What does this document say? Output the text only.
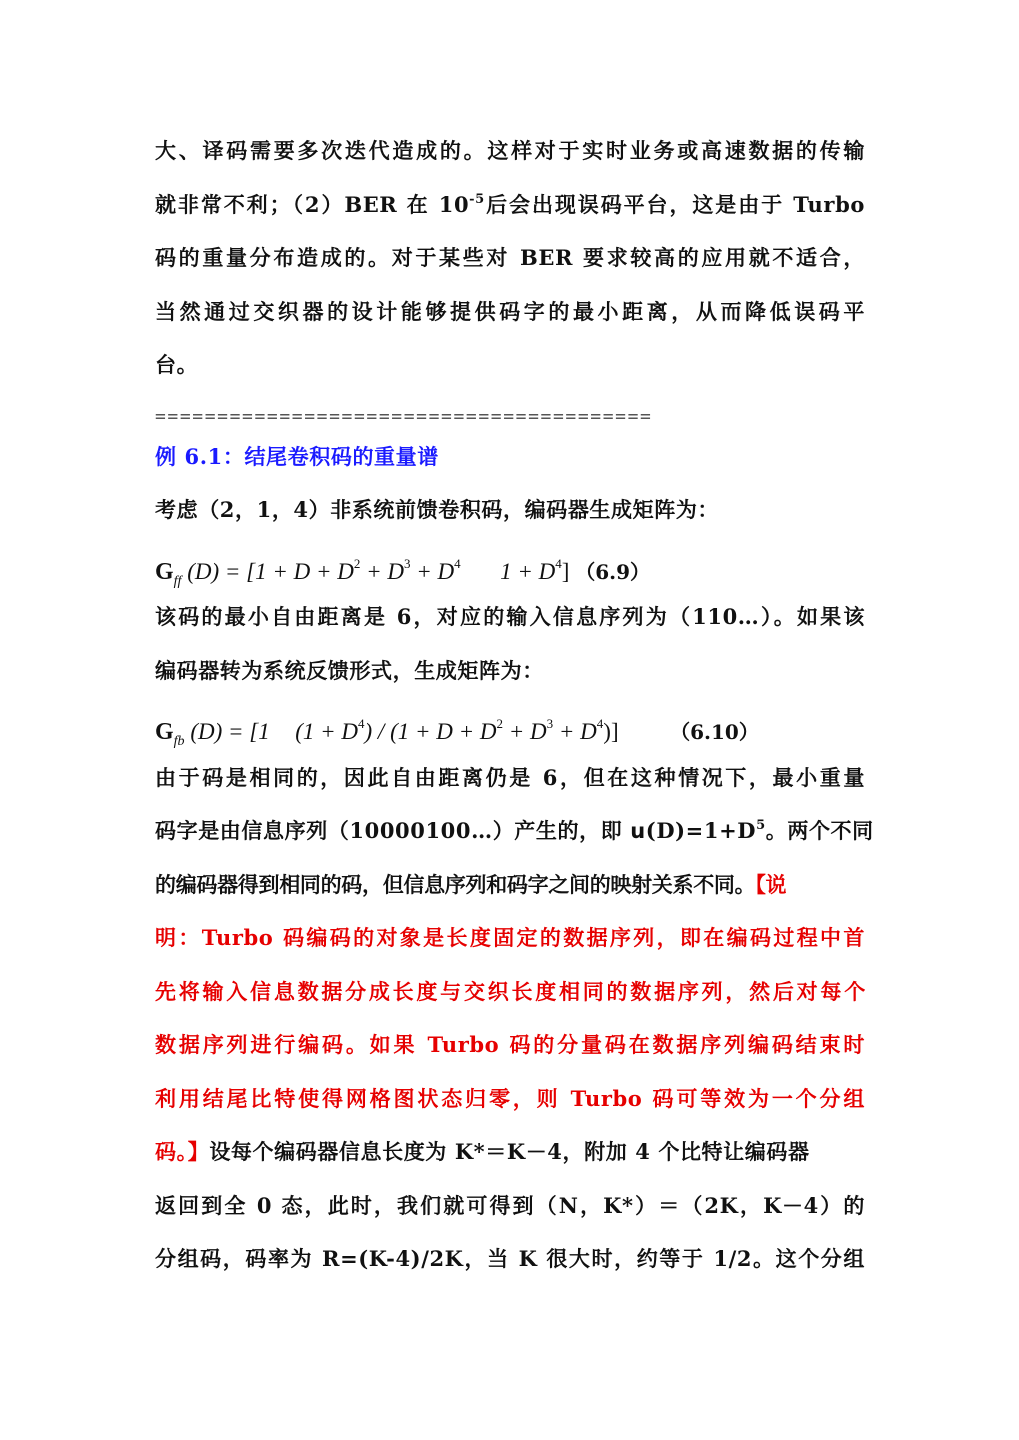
大、译码需要多次迭代造成的。这样对于实时业务或高速数据的传输
就非常不利；（2）BER 在 $10^{-5}$后会出现误码平台，这是由于 Turbo
码的重量分布造成的。对于某些对 BER 要求较高的应用就不适合，
当然通过交织器的设计能够提供码字的最小距离，从而降低误码平
台。
========================================
例 6.1：结尾卷积码的重量谱
考虑（2，1，4）非系统前馈卷积码，编码器生成矩阵为：
$G_{ff}$ $(D) = [1 + D + D^2 + D^3 + D^4$ $1 + D^4$] （6.9）
该码的最小自由距离是 6，对应的输入信息序列为（110…）。如果该
编码器转为系统反馈形式，生成矩阵为：
$G_{fb}$ (D) = [1 $(1 + D^4) / (1 + D + D^2 + D^3 + D^4)$]	（6.10）
由于码是相同的，因此自由距离仍是 6，但在这种情况下，最小重量
码字是由信息序列（10000100…）产生的，即 $u(D)=1+D^5$。两个不同
的编码器得到相同的码，但信息序列和码字之间的映射关系不同。【说
明：Turbo 码编码的对象是长度固定的数据序列，即在编码过程中首
先将输入信息数据分成长度与交织长度相同的数据序列，然后对每个
数据序列进行编码。如果 Turbo 码的分量码在数据序列编码结束时
利用结尾比特使得网格图状态归零，则 Turbo 码可等效为一个分组
码。】设每个编码器信息长度为 K*＝K－4，附加 4 个比特让编码器
返回到全 0 态，此时，我们就可得到（N，K*）＝（2K，K－4）的
分组码，码率为 R=(K-4)/2K，当 K 很大时，约等于 1/2。这个分组
